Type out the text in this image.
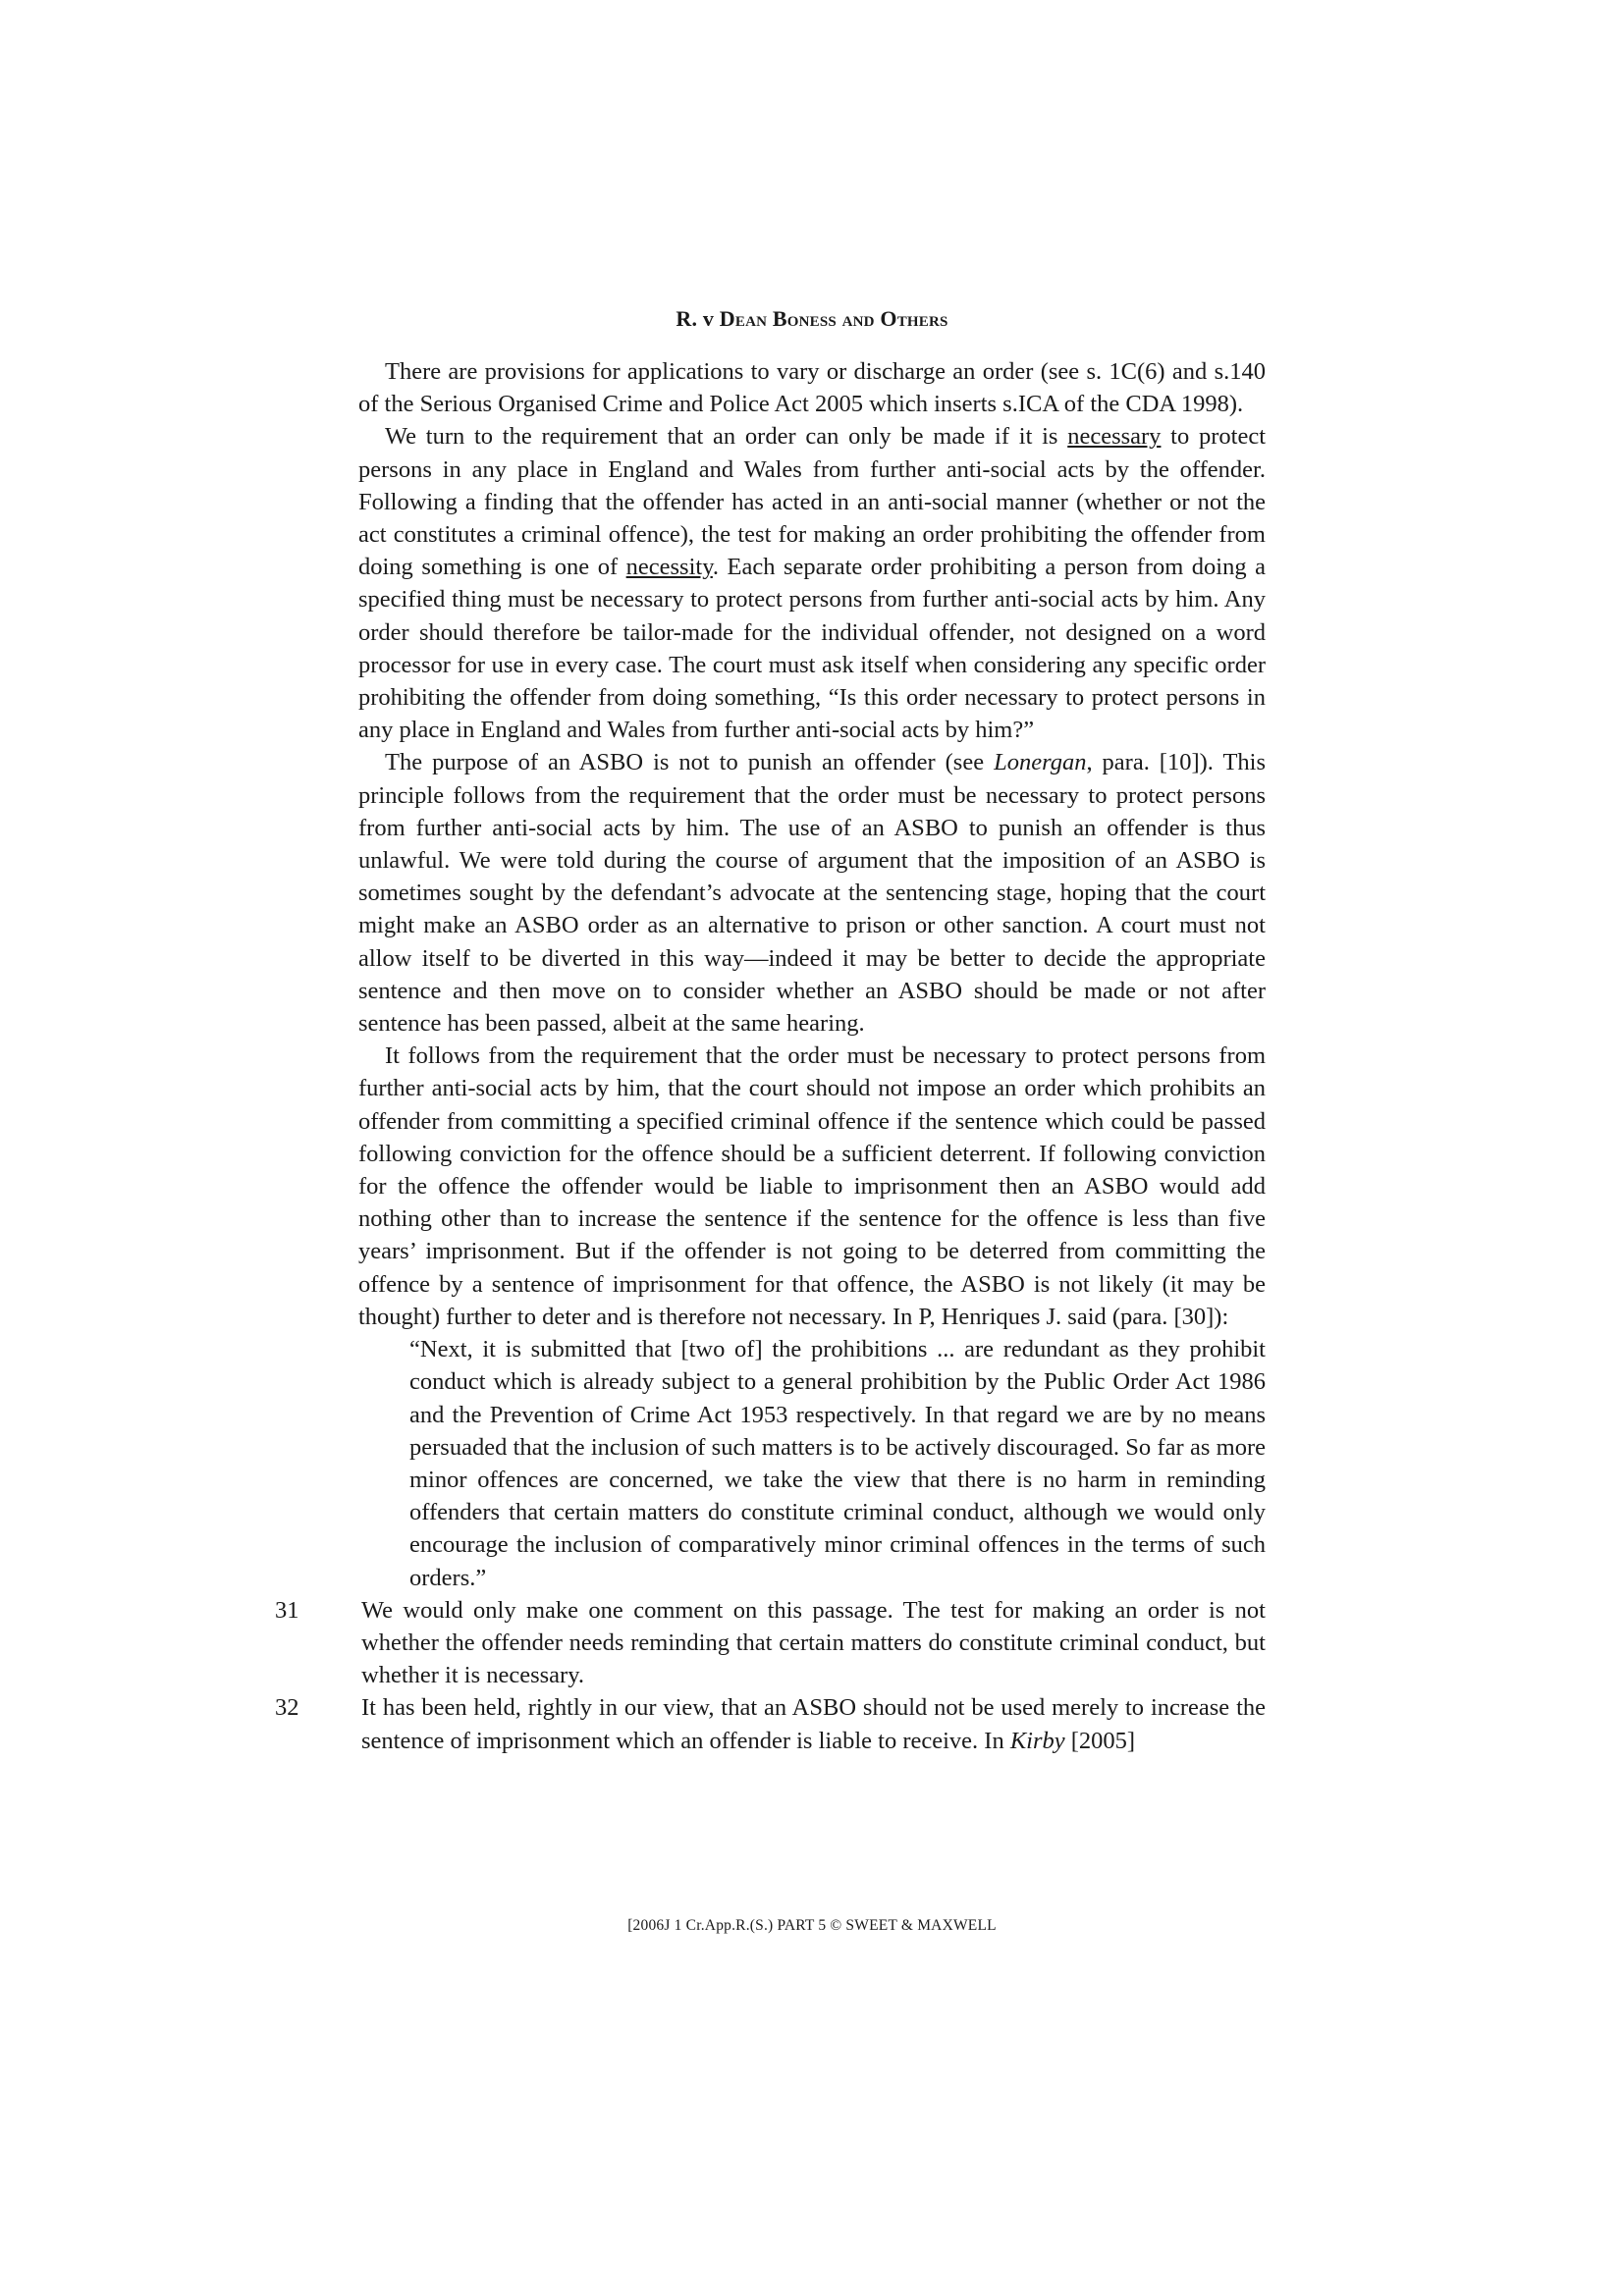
R. v Dean Boness and Others

There are provisions for applications to vary or discharge an order (see s. 1C(6) and s.140 of the Serious Organised Crime and Police Act 2005 which inserts s.ICA of the CDA 1998).

We turn to the requirement that an order can only be made if it is necessary to protect persons in any place in England and Wales from further anti-social acts by the offender. Following a finding that the offender has acted in an anti-social manner (whether or not the act constitutes a criminal offence), the test for making an order prohibiting the offender from doing something is one of necessity. Each separate order prohibiting a person from doing a specified thing must be necessary to protect persons from further anti-social acts by him. Any order should therefore be tailor-made for the individual offender, not designed on a word processor for use in every case. The court must ask itself when considering any specific order prohibiting the offender from doing something, “Is this order necessary to protect persons in any place in England and Wales from further anti-social acts by him?”

The purpose of an ASBO is not to punish an offender (see Lonergan, para. [10]). This principle follows from the requirement that the order must be necessary to protect persons from further anti-social acts by him. The use of an ASBO to punish an offender is thus unlawful. We were told during the course of argument that the imposition of an ASBO is sometimes sought by the defendant’s advocate at the sentencing stage, hoping that the court might make an ASBO order as an alternative to prison or other sanction. A court must not allow itself to be diverted in this way—indeed it may be better to decide the appropriate sentence and then move on to consider whether an ASBO should be made or not after sentence has been passed, albeit at the same hearing.

It follows from the requirement that the order must be necessary to protect persons from further anti-social acts by him, that the court should not impose an order which prohibits an offender from committing a specified criminal offence if the sentence which could be passed following conviction for the offence should be a sufficient deterrent. If following conviction for the offence the offender would be liable to imprisonment then an ASBO would add nothing other than to increase the sentence if the sentence for the offence is less than five years’ imprisonment. But if the offender is not going to be deterred from committing the offence by a sentence of imprisonment for that offence, the ASBO is not likely (it may be thought) further to deter and is therefore not necessary. In P, Henriques J. said (para. [30]):

“Next, it is submitted that [two of] the prohibitions ... are redundant as they prohibit conduct which is already subject to a general prohibition by the Public Order Act 1986 and the Prevention of Crime Act 1953 respectively. In that regard we are by no means persuaded that the inclusion of such matters is to be actively discouraged. So far as more minor offences are concerned, we take the view that there is no harm in reminding offenders that certain matters do constitute criminal conduct, although we would only encourage the inclusion of comparatively minor criminal offences in the terms of such orders.”
31	We would only make one comment on this passage. The test for making an order is not whether the offender needs reminding that certain matters do constitute criminal conduct, but whether it is necessary.
32	It has been held, rightly in our view, that an ASBO should not be used merely to increase the sentence of imprisonment which an offender is liable to receive. In Kirby [2005]
[2006J 1 Cr.App.R.(S.) PART 5 © SWEET & MAXWELL
